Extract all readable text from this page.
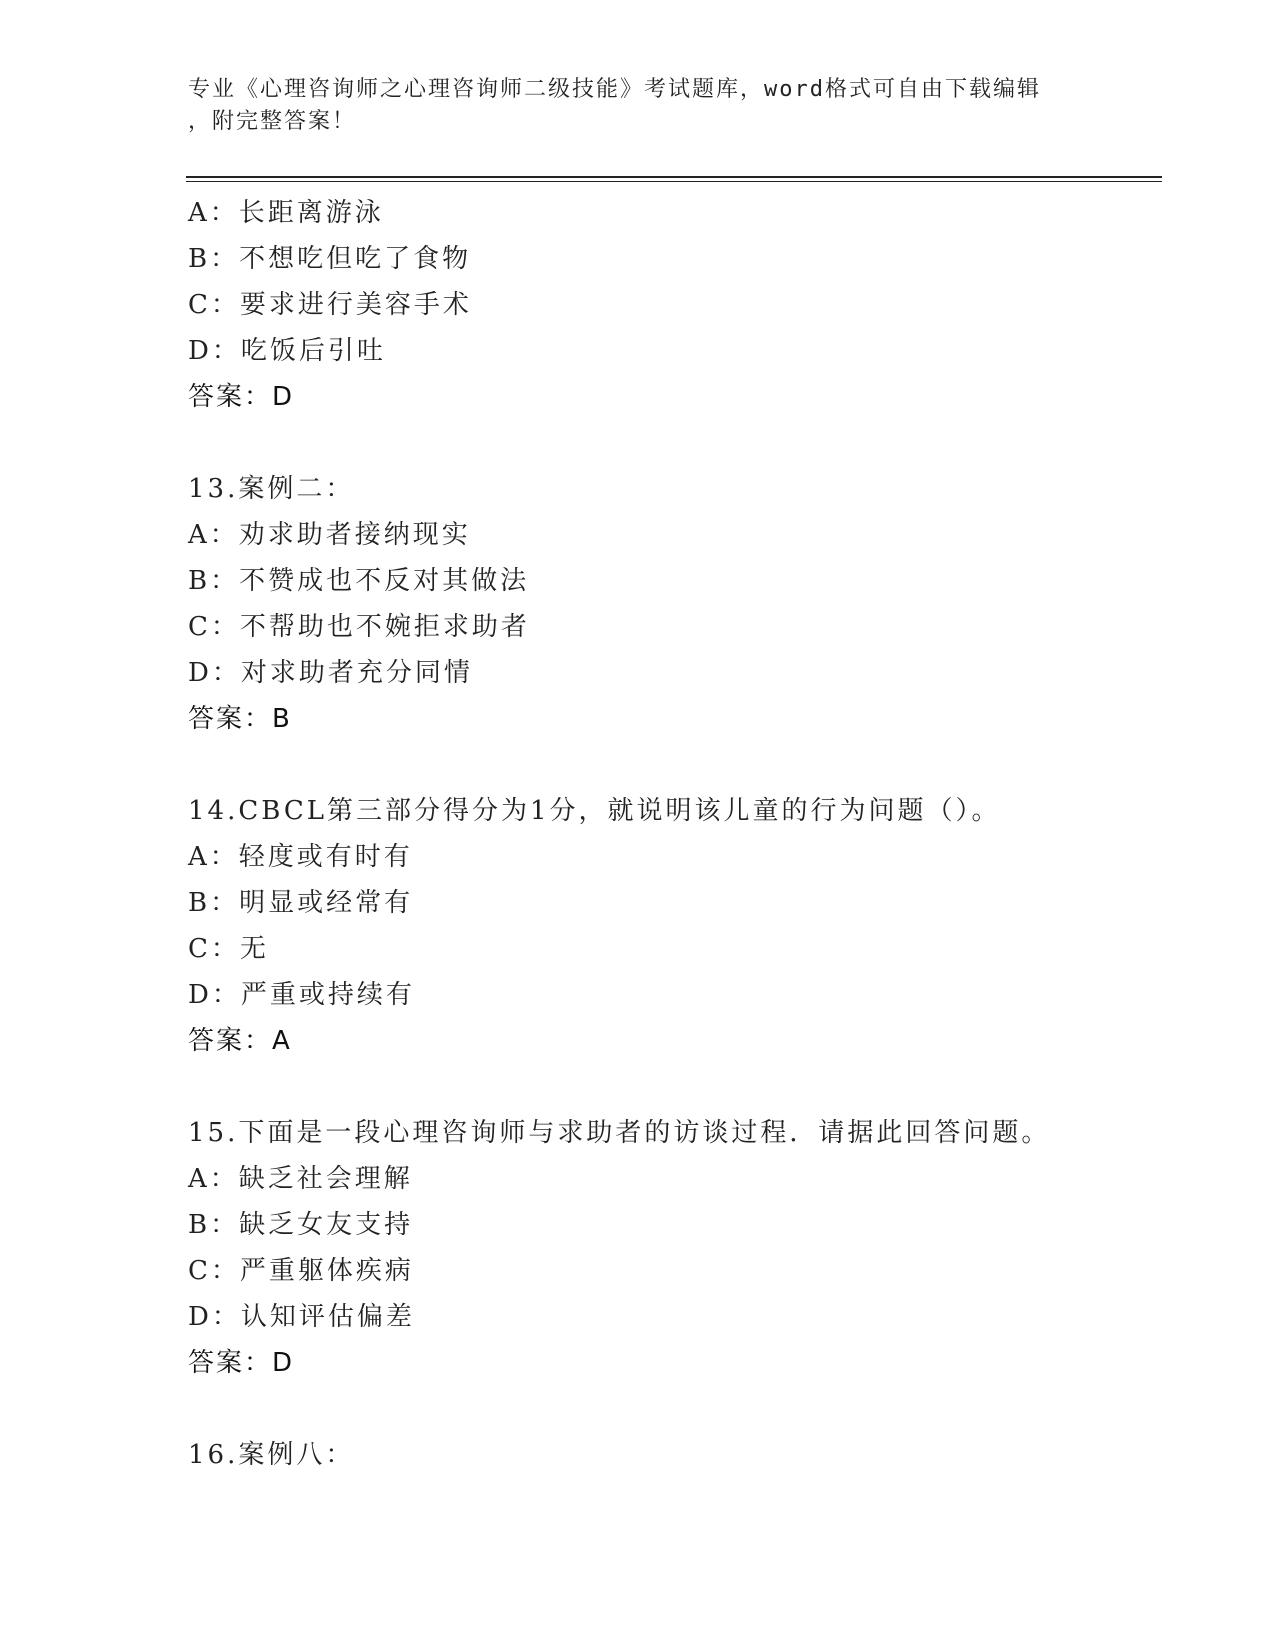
专业《心理咨询师之心理咨询师二级技能》考试题库，word格式可自由下载编辑
，附完整答案！
A：长距离游泳
B：不想吃但吃了食物
C：要求进行美容手术
D：吃饭后引吐
答案：D
13.案例二：
A：劝求助者接纳现实
B：不赞成也不反对其做法
C：不帮助也不婉拒求助者
D：对求助者充分同情
答案：B
14.CBCL第三部分得分为1分，就说明该儿童的行为问题（）。
A：轻度或有时有
B：明显或经常有
C：无
D：严重或持续有
答案：A
15.下面是一段心理咨询师与求助者的访谈过程．请据此回答问题。
A：缺乏社会理解
B：缺乏女友支持
C：严重躯体疾病
D：认知评估偏差
答案：D
16.案例八：
